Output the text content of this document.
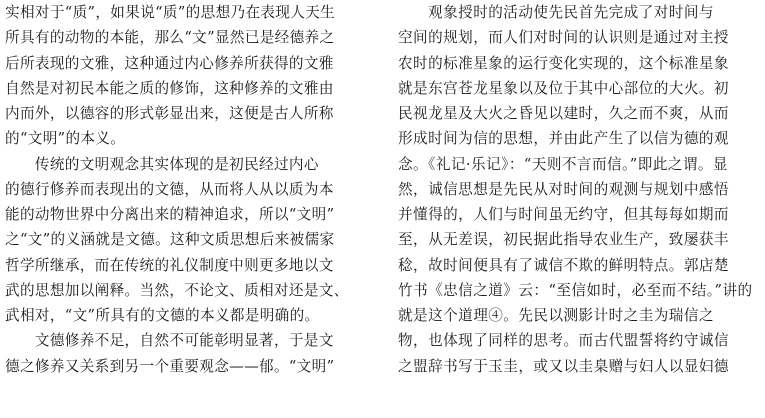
实相对于“质”，如果说“质”的思想乃在表现人天生
所具有的动物的本能，那么“文”显然已是经德养之
后所表现的文雅，这种通过内心修养所获得的文雅
自然是对初民本能之质的修饰，这种修养的文雅由
内而外，以德容的形式彰显出来，这便是古人所称
的“文明”的本义。
　　传统的文明观念其实体现的是初民经过内心
的德行修养而表现出的文德，从而将人从以质为本
能的动物世界中分离出来的精神追求，所以“文明”
之“文”的义涵就是文德。这种文质思想后来被儒家
哲学所继承，而在传统的礼仪制度中则更多地以文
武的思想加以阐释。当然，不论文、质相对还是文、
武相对，“文”所具有的文德的本义都是明确的。
　　文德修养不足，自然不可能彰明显著，于是文
德之修养又关系到另一个重要观念——郁。“文明”
　　观象授时的活动使先民首先完成了对时间与
空间的规划，而人们对时间的认识则是通过对主授
农时的标准星象的运行变化实现的，这个标准星象
就是东宫苍龙星象以及位于其中心部位的大火。初
民视龙星及大火之昏见以建时，久之而不爽，从而
形成时间为信的思想，并由此产生了以信为德的观
念。《礼记·乐记》：“天则不言而信。”即此之谓。显
然，诚信思想是先民从对时间的观测与规划中感悟
并懂得的，人们与时间虽无约守，但其每每如期而
至，从无差误，初民据此指导农业生产，致屡获丰
稔，故时间便具有了诚信不欺的鲜明特点。郭店楚
竹书《忠信之道》云：“至信如时，必至而不结。”讲的
就是这个道理④。先民以测影计时之圭为瑞信之
物，也体现了同样的思考。而古代盟誓将约守诚信
之盟辞书写于玉圭，或又以圭臬赠与妇人以显妇德
